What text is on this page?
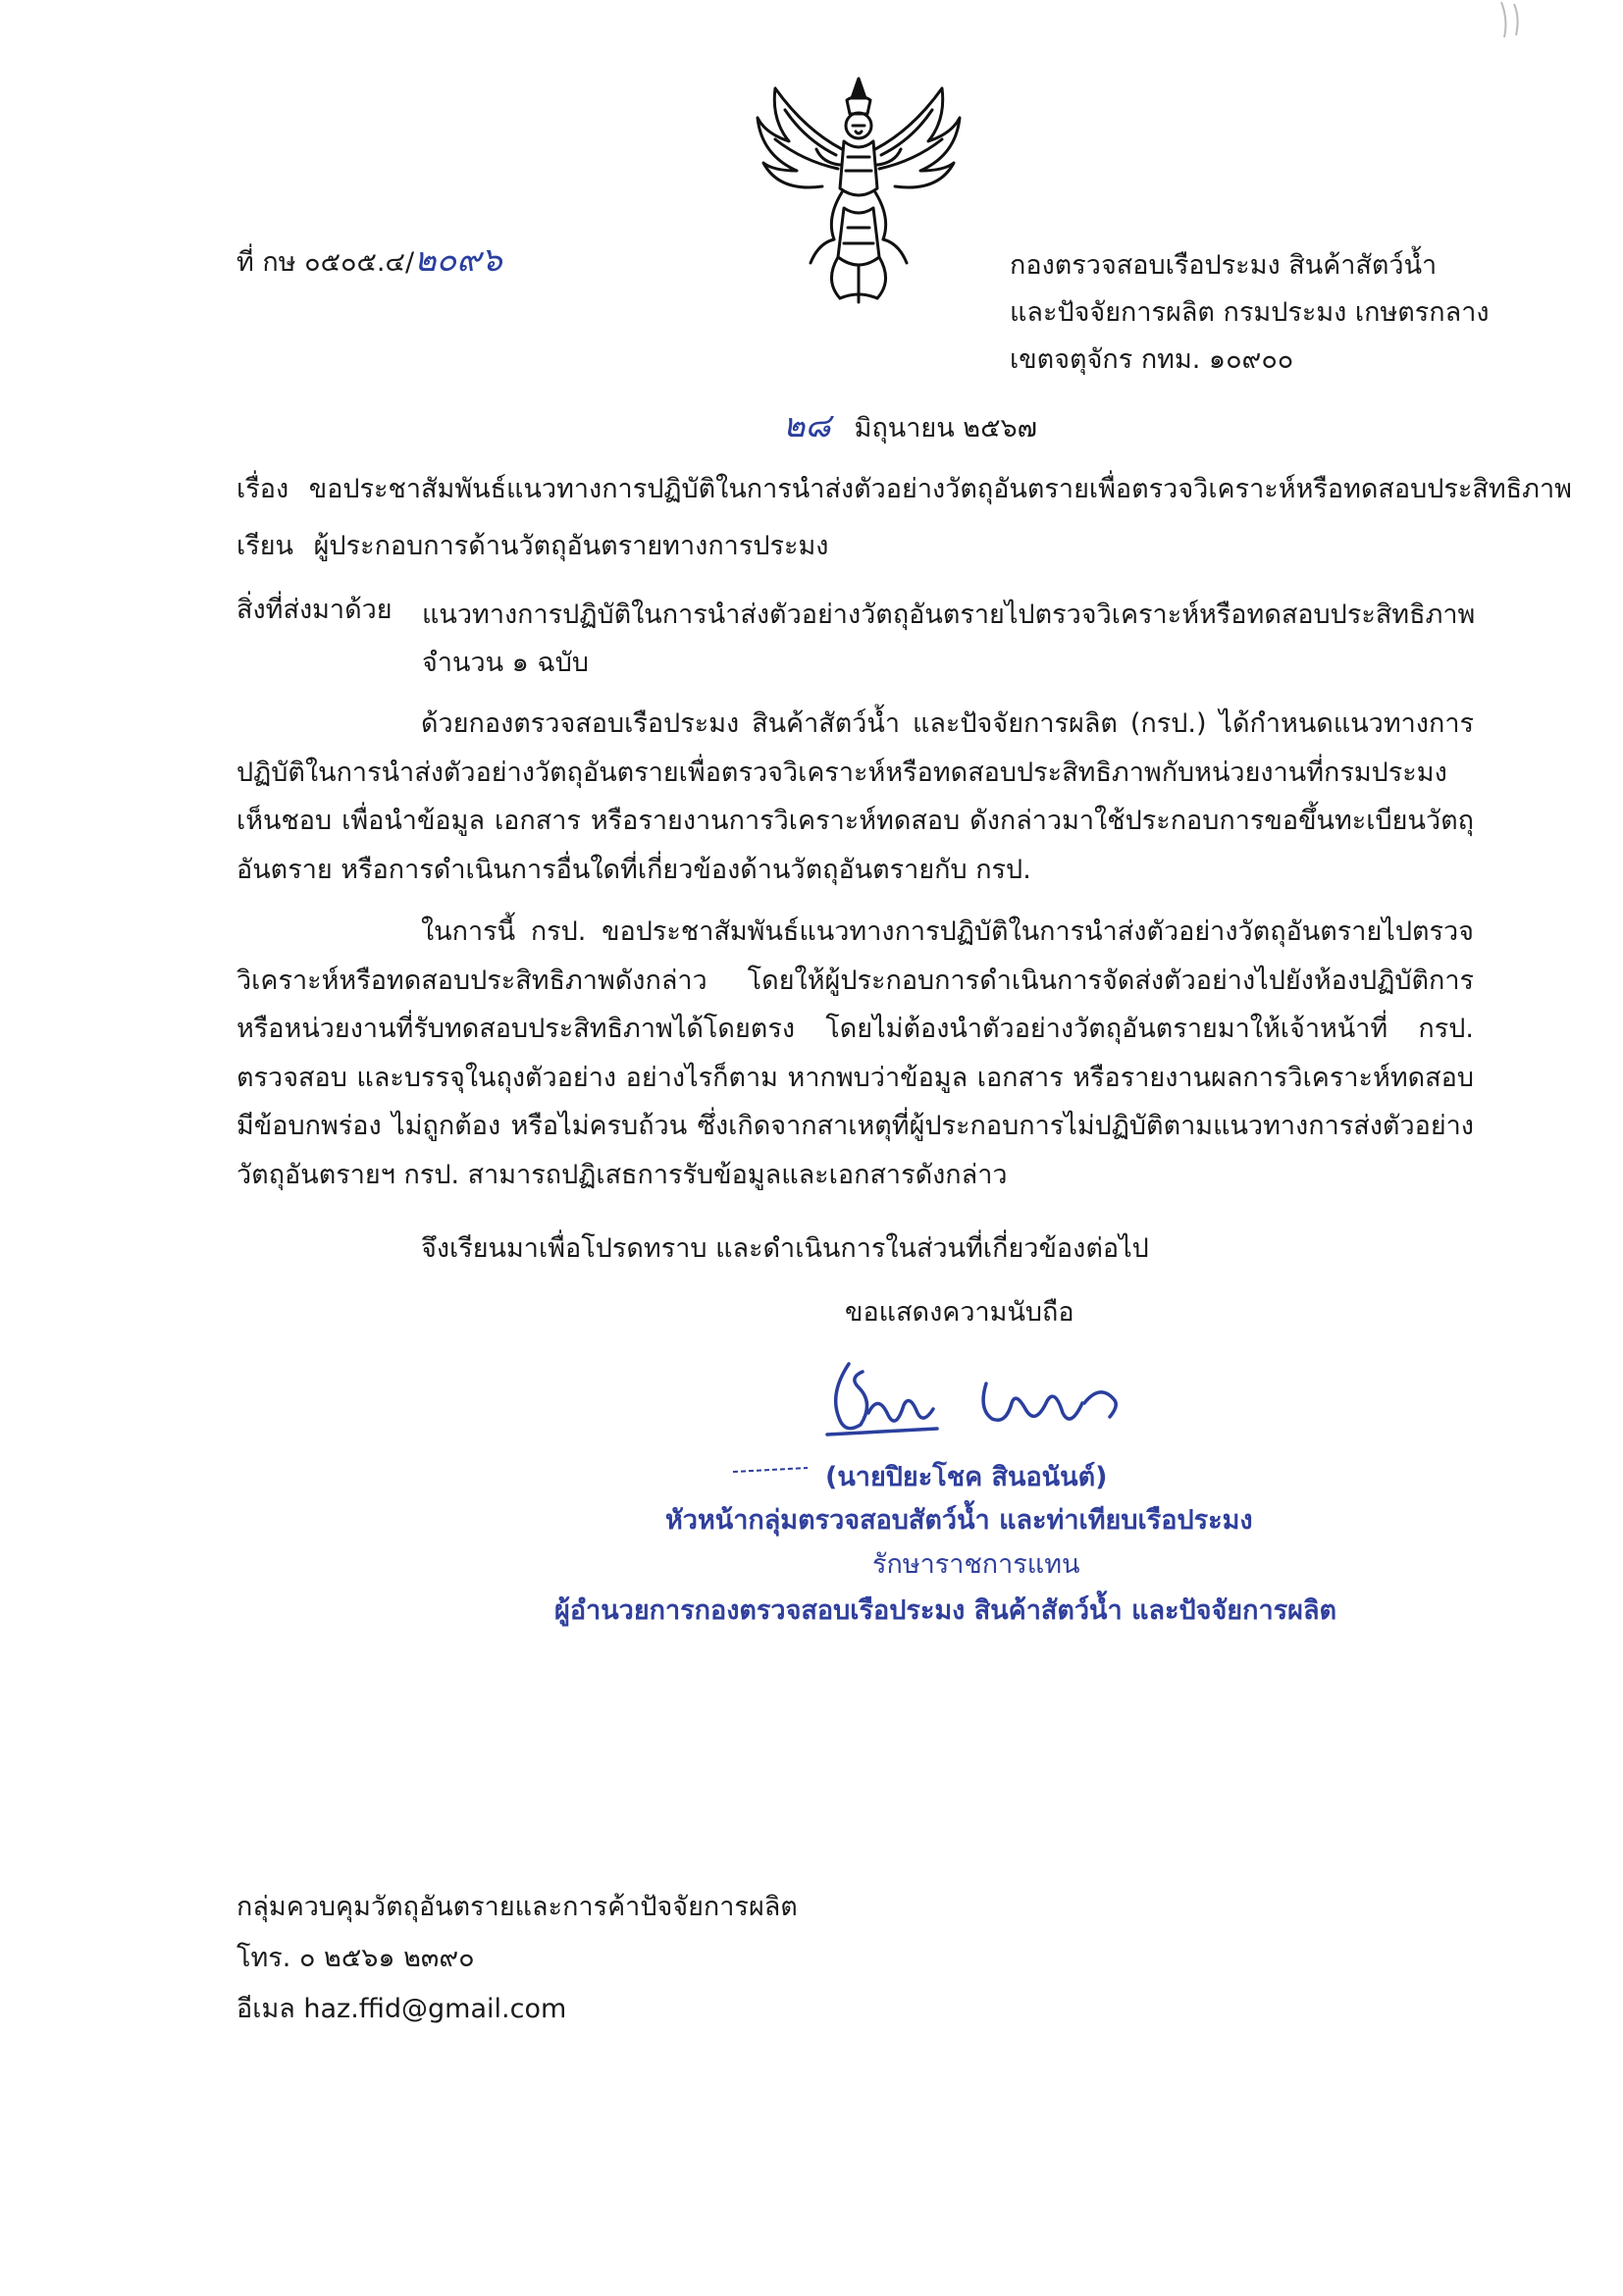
ที่ กษ ๐๕๐๕.๔/๒๐๙๖	กองตรวจสอบเรือประมง สินค้าสัตว์น้ำ
และปัจจัยการผลิต กรมประมง เกษตรกลาง
เขตจตุจักร กทม. ๑๐๙๐๐
๒๘ มิถุนายน ๒๕๖๗
เรื่อง ขอประชาสัมพันธ์แนวทางการปฏิบัติในการนำส่งตัวอย่างวัตถุอันตรายเพื่อตรวจวิเคราะห์หรือทดสอบประสิทธิภาพ
เรียน ผู้ประกอบการด้านวัตถุอันตรายทางการประมง
สิ่งที่ส่งมาด้วย แนวทางการปฏิบัติในการนำส่งตัวอย่างวัตถุอันตรายไปตรวจวิเคราะห์หรือทดสอบประสิทธิภาพ
จำนวน ๑ ฉบับ
ด้วยกองตรวจสอบเรือประมง สินค้าสัตว์น้ำ และปัจจัยการผลิต (กรป.) ได้กำหนดแนวทางการปฏิบัติในการนำส่งตัวอย่างวัตถุอันตรายเพื่อตรวจวิเคราะห์หรือทดสอบประสิทธิภาพกับหน่วยงานที่กรมประมงเห็นชอบ เพื่อนำข้อมูล เอกสาร หรือรายงานการวิเคราะห์ทดสอบ ดังกล่าวมาใช้ประกอบการขอขึ้นทะเบียนวัตถุอันตราย หรือการดำเนินการอื่นใดที่เกี่ยวข้องด้านวัตถุอันตรายกับ กรป.
ในการนี้ กรป. ขอประชาสัมพันธ์แนวทางการปฏิบัติในการนำส่งตัวอย่างวัตถุอันตรายไปตรวจวิเคราะห์หรือทดสอบประสิทธิภาพดังกล่าว โดยให้ผู้ประกอบการดำเนินการจัดส่งตัวอย่างไปยังห้องปฏิบัติการหรือหน่วยงานที่รับทดสอบประสิทธิภาพได้โดยตรง โดยไม่ต้องนำตัวอย่างวัตถุอันตรายมาให้เจ้าหน้าที่ กรป. ตรวจสอบ และบรรจุในถุงตัวอย่าง อย่างไรก็ตาม หากพบว่าข้อมูล เอกสาร หรือรายงานผลการวิเคราะห์ทดสอบ มีข้อบกพร่อง ไม่ถูกต้อง หรือไม่ครบถ้วน ซึ่งเกิดจากสาเหตุที่ผู้ประกอบการไม่ปฏิบัติตามแนวทางการส่งตัวอย่างวัตถุอันตรายฯ กรป. สามารถปฏิเสธการรับข้อมูลและเอกสารดังกล่าว
จึงเรียนมาเพื่อโปรดทราบ และดำเนินการในส่วนที่เกี่ยวข้องต่อไป
ขอแสดงความนับถือ
(นายปิยะโชค สินอนันต์)
หัวหน้ากลุ่มตรวจสอบสัตว์น้ำ และท่าเทียบเรือประมง
รักษาราชการแทน
ผู้อำนวยการกองตรวจสอบเรือประมง สินค้าสัตว์น้ำ และปัจจัยการผลิต
กลุ่มควบคุมวัตถุอันตรายและการค้าปัจจัยการผลิต
โทร. ๐ ๒๕๖๑ ๒๓๙๐
อีเมล haz.ffid@gmail.com
